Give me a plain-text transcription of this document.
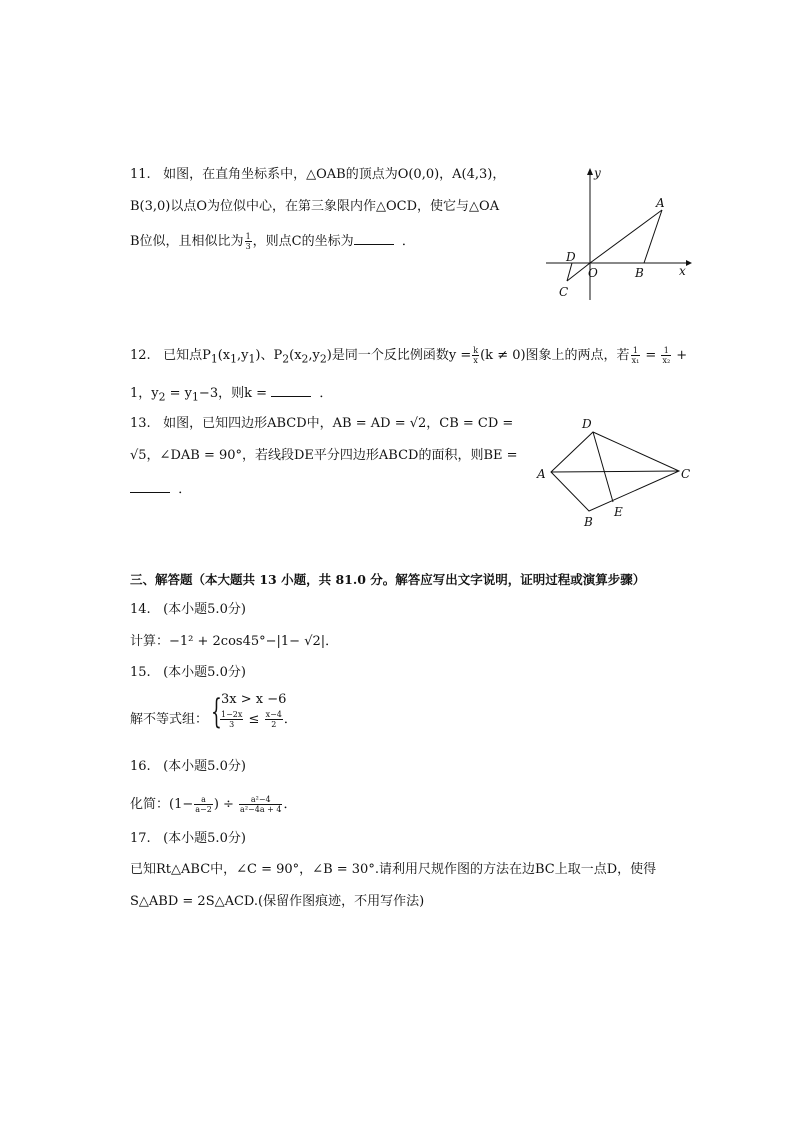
11. 如图，在直角坐标系中，△OAB的顶点为O(0,0)，A(4,3)，
B(3,0)以点O为位似中心，在第三象限内作△OCD，使它与△OA
B位似，且相似比为 $\frac{1}{3}$ ，则点C的坐标为	．
y
x
A
B
O
D
C
12. 已知点$P_1(x_1,y_1)$、$P_2(x_2,y_2)$是同一个反比例函数$y = \frac{k}{x} (k \ne 0)$图象上的两点，若 $\frac{1}{\text{x₁}} = \frac{1}{\text{x₂}}$ +
1，$y_2 = y_1-3$，则k =	．
13. 如图，已知四边形ABCD中，AB = AD = √2，CB = CD =
√5，∠DAB = 90°，若线段DE平分四边形ABCD的面积，则BE =
．
D
A	C
B
E
三、解答题（本大题共 13 小题，共 81.0 分。解答应写出文字说明，证明过程或演算步骤）
14. (本小题5.0分)
计算：−1² + 2cos45°−|1− √2|．
15. (本小题5.0分)
解不等式组： { 3x > x −6
$\frac{1-2x}{3} \le \frac{x-4}{2}$ ．
16. (本小题5.0分)
化简：($1- \frac{a}{a-2}$ ) ÷ $\frac{\text{a²−4}}{\text{a²−4a + 4}}$ ．
17. (本小题5.0分)
已知Rt△ABC中，∠C = 90°，∠B = 30°.请利用尺规作图的方法在边BC上取一点D，使得
S△ABD = 2S△ACD.(保留作图痕迹，不用写作法)
